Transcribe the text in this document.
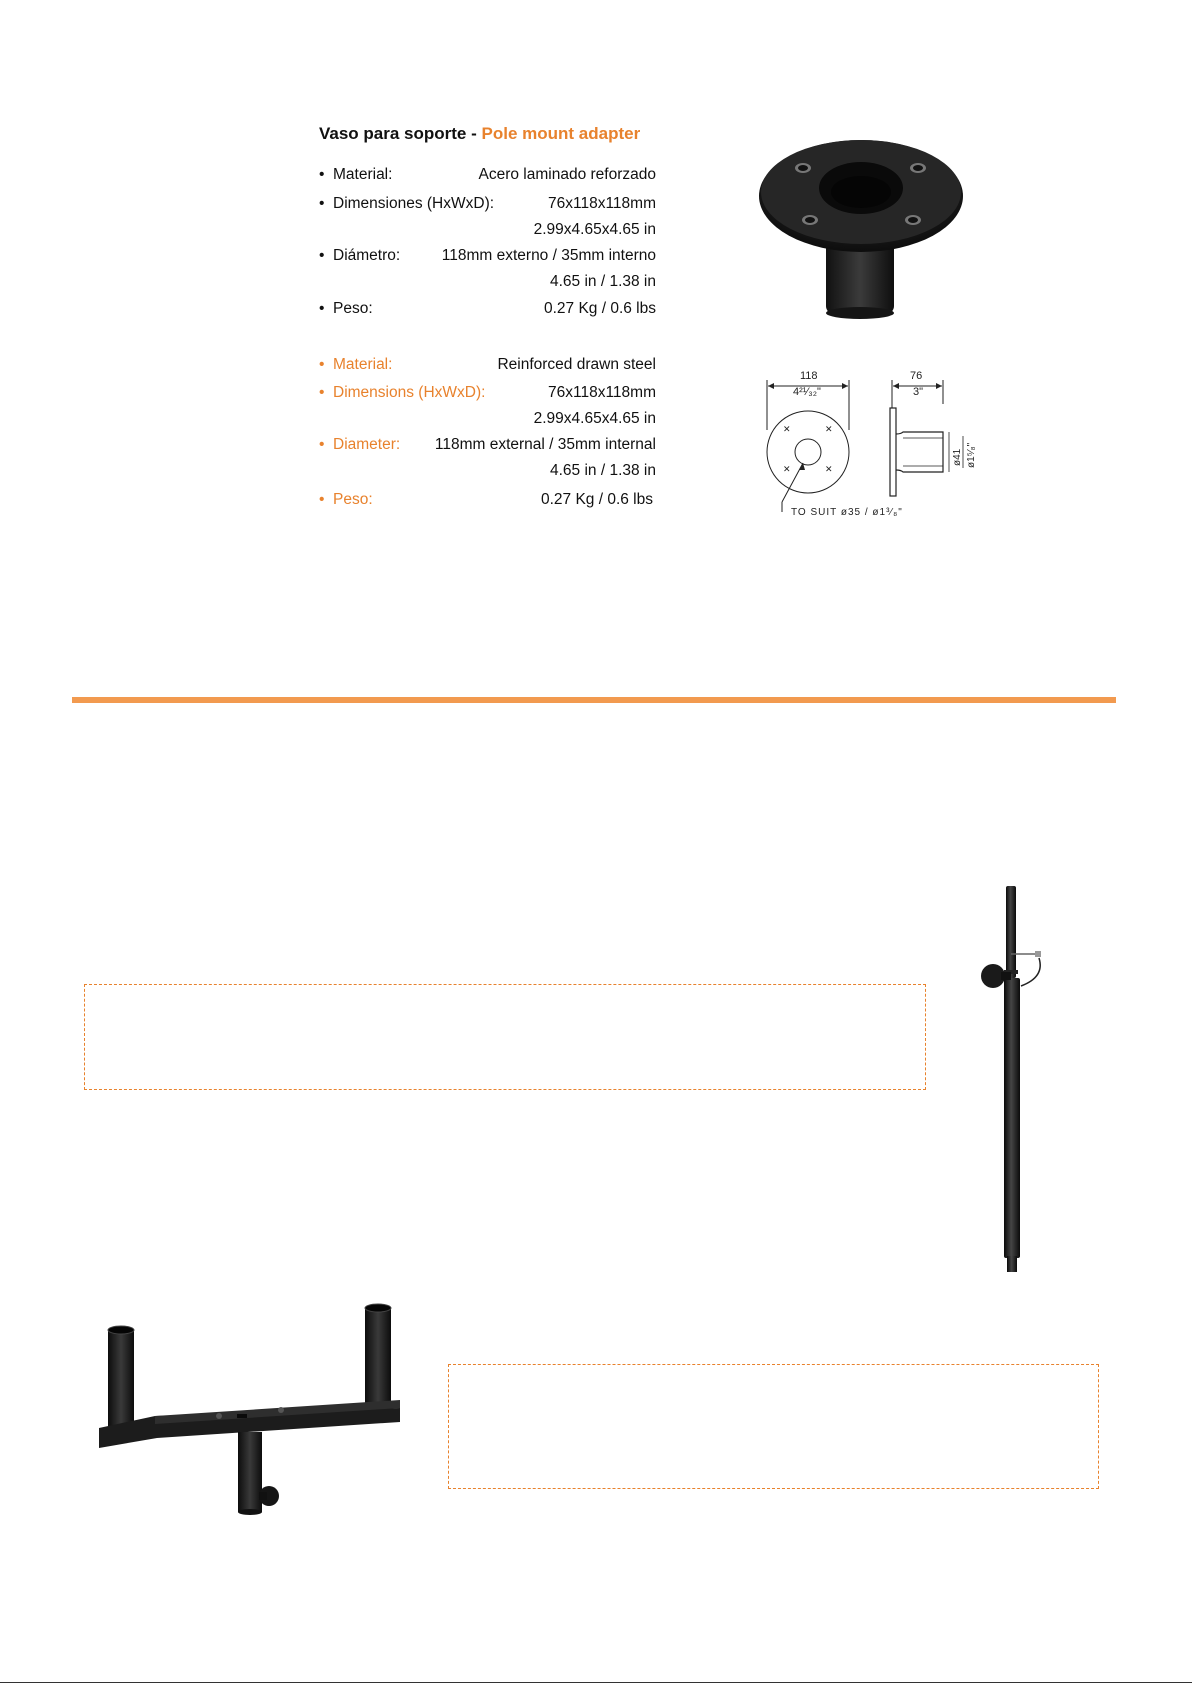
Vaso para soporte - Pole mount adapter
•
Material:	Acero laminado reforzado
•
Dimensiones (HxWxD):	76x118x118mm
2.99x4.65x4.65 in
•
Diámetro:	118mm externo / 35mm interno
4.65 in / 1.38 in
•
Peso:	0.27 Kg / 0.6 lbs
•
Material:	Reinforced drawn steel
•
Dimensions (HxWxD):	76x118x118mm
2.99x4.65x4.65 in
•
Diameter: 118mm external / 35mm internal
4.65 in / 1.38 in
•
Peso:	0.27 Kg / 0.6 lbs
118
4²¹⁄₃₂"
✕	✕
✕	✕
TO SUIT ø35 / ø1³⁄₈"
76
3"
ø41 ø1⁵⁄₈"
